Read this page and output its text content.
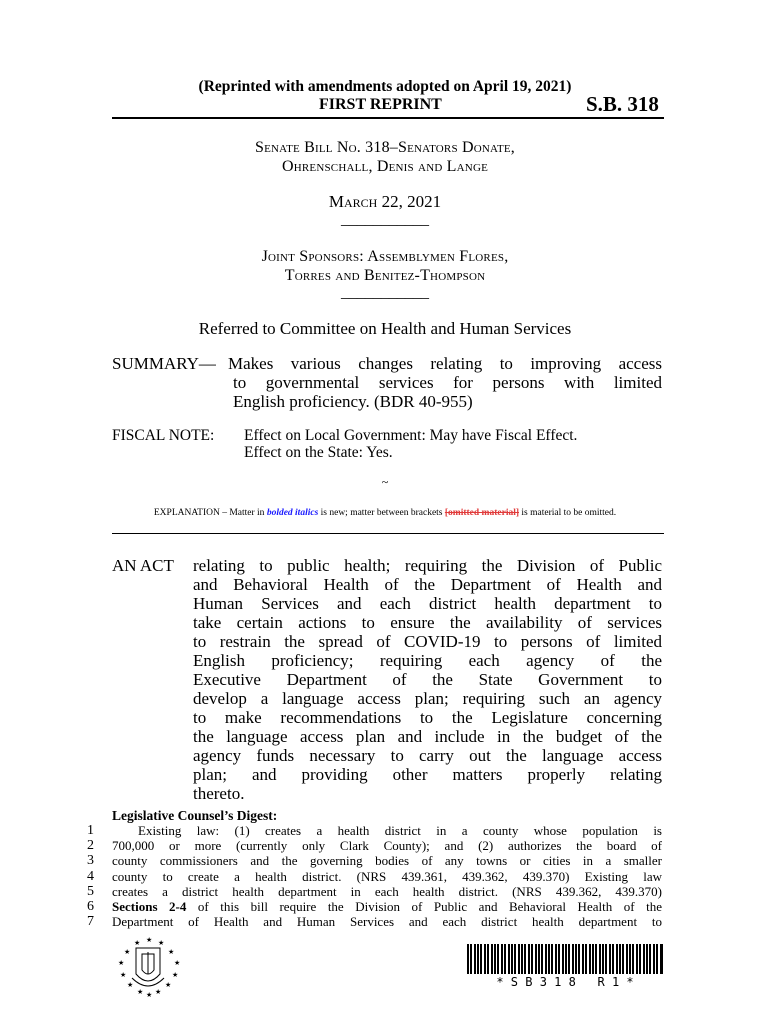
(Reprinted with amendments adopted on April 19, 2021)
FIRST REPRINT	S.B. 318
Senate Bill No. 318–Senators Donate,
Ohrenschall, Denis and Lange
March 22, 2021
___________
Joint Sponsors: Assemblymen Flores,
Torres and Benitez-Thompson
___________
Referred to Committee on Health and Human Services
SUMMARY— Makes various changes relating to improving access
to governmental services for persons with limited
English proficiency. (BDR 40-955)
FISCAL NOTE: Effect on Local Government: May have Fiscal Effect.
Effect on the State: Yes.
~
EXPLANATION – Matter in bolded italics is new; matter between brackets [omitted material] is material to be omitted.
AN ACT relating to public health; requiring the Division of Public
and Behavioral Health of the Department of Health and
Human Services and each district health department to
take certain actions to ensure the availability of services
to restrain the spread of COVID-19 to persons of limited
English proficiency; requiring each agency of the
Executive Department of the State Government to
develop a language access plan; requiring such an agency
to make recommendations to the Legislature concerning
the language access plan and include in the budget of the
agency funds necessary to carry out the language access
plan; and providing other matters properly relating
thereto.
Legislative Counsel’s Digest:
1
2
3
4
5
6
7
Existing law: (1) creates a health district in a county whose population is
700,000 or more (currently only Clark County); and (2) authorizes the board of
county commissioners and the governing bodies of any towns or cities in a smaller
county to create a health district. (NRS 439.361, 439.362, 439.370) Existing law
creates a district health department in each health district. (NRS 439.362, 439.370)
Sections 2-4 of this bill require the Division of Public and Behavioral Health of the
Department of Health and Human Services and each district health department to
★
★	★
★	★
★	★
★	★
★	★
★ ★
★
* S B 3 1 8   R 1 *
